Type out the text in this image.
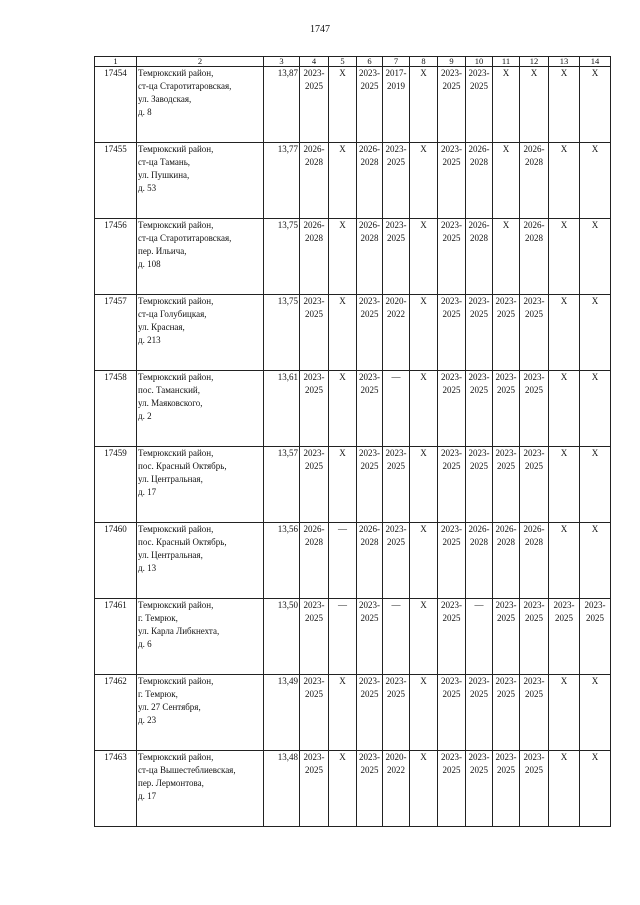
1747
1	2	3	4	5	6	7	8	9	10	11	12	13	14
17454	Темрюкский район,
ст-ца Старотитаровская,
ул. Заводская,
д. 8	13,87	2023-
2025	Х	2023-
2025	2017-
2019	Х	2023-
2025	2023-
2025	Х	Х	Х	Х

17455	Темрюкский район,
ст-ца Тамань,
ул. Пушкина,
д. 53	13,77	2026-
2028	Х	2026-
2028	2023-
2025	Х	2023-
2025	2026-
2028	Х	2026-
2028	Х	Х

17456	Темрюкский район,
ст-ца Старотитаровская,
пер. Ильича,
д. 108	13,75	2026-
2028	Х	2026-
2028	2023-
2025	Х	2023-
2025	2026-
2028	Х	2026-
2028	Х	Х

17457	Темрюкский район,
ст-ца Голубицкая,
ул. Красная,
д. 213	13,75	2023-
2025	Х	2023-
2025	2020-
2022	Х	2023-
2025	2023-
2025	2023-
2025	2023-
2025	Х	Х

17458	Темрюкский район,
пос. Таманский,
ул. Маяковского,
д. 2	13,61	2023-
2025	Х	2023-
2025	—	Х	2023-
2025	2023-
2025	2023-
2025	2023-
2025	Х	Х

17459	Темрюкский район,
пос. Красный Октябрь,
ул. Центральная,
д. 17	13,57	2023-
2025	Х	2023-
2025	2023-
2025	Х	2023-
2025	2023-
2025	2023-
2025	2023-
2025	Х	Х

17460	Темрюкский район,
пос. Красный Октябрь,
ул. Центральная,
д. 13	13,56	2026-
2028	—	2026-
2028	2023-
2025	Х	2023-
2025	2026-
2028	2026-
2028	2026-
2028	Х	Х

17461	Темрюкский район,
г. Темрюк,
ул. Карла Либкнехта,
д. 6	13,50	2023-
2025	—	2023-
2025	—	Х	2023-
2025	—	2023-
2025	2023-
2025	2023-
2025	2023-
2025

17462	Темрюкский район,
г. Темрюк,
ул. 27 Сентября,
д. 23	13,49	2023-
2025	Х	2023-
2025	2023-
2025	Х	2023-
2025	2023-
2025	2023-
2025	2023-
2025	Х	Х

17463	Темрюкский район,
ст-ца Вышестеблиевская,
пер. Лермонтова,
д. 17	13,48	2023-
2025	Х	2023-
2025	2020-
2022	Х	2023-
2025	2023-
2025	2023-
2025	2023-
2025	Х	Х
